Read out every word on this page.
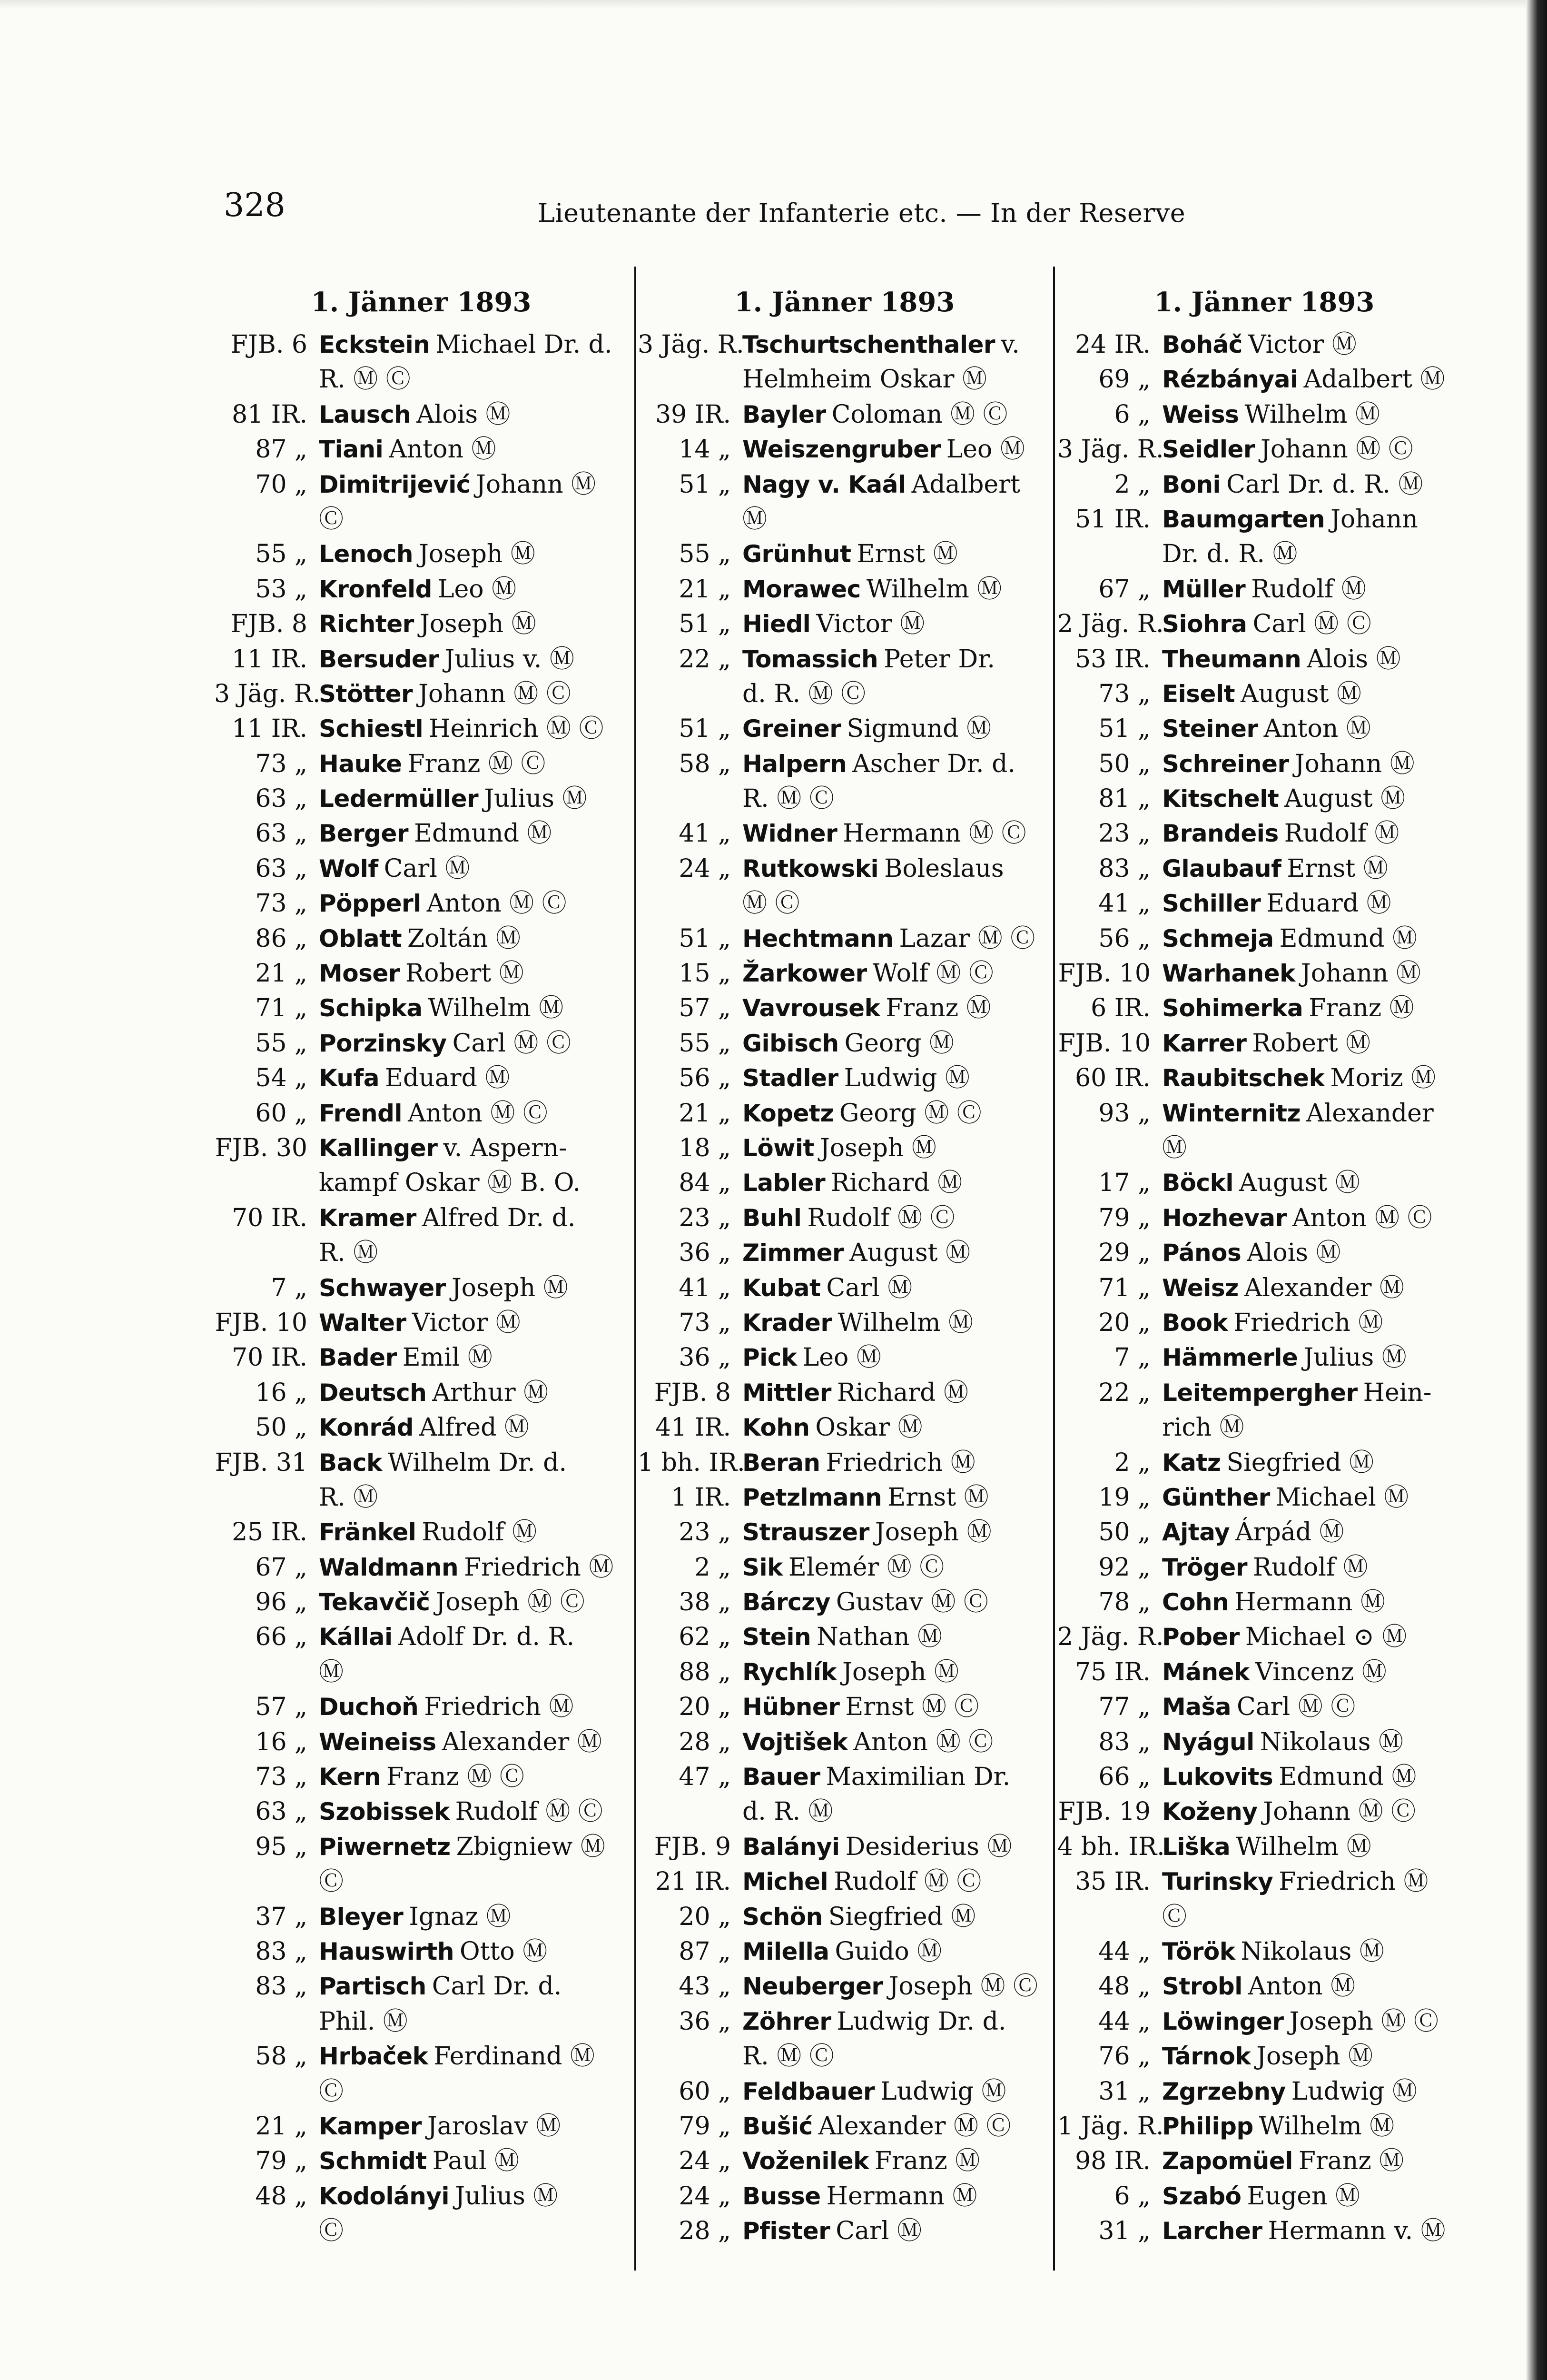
328	Lieutenante der Infanterie etc. — In der Reserve
1. Jänner 1893
FJB. 6 Eckstein Michael Dr. d.
R. Ⓜ Ⓒ
81 IR. Lausch Alois Ⓜ
87 „ Tiani Anton Ⓜ
70 „ Dimitrijević Johann Ⓜ
Ⓒ
55 „ Lenoch Joseph Ⓜ
53 „ Kronfeld Leo Ⓜ
FJB. 8 Richter Joseph Ⓜ
11 IR. Bersuder Julius v. Ⓜ
3 Jäg. R.
Stötter Johann Ⓜ Ⓒ
11 IR. Schiestl Heinrich Ⓜ Ⓒ
73 „ Hauke Franz Ⓜ Ⓒ
63 „ Ledermüller Julius Ⓜ
63 „ Berger Edmund Ⓜ
63 „ Wolf Carl Ⓜ
73 „ Pöpperl Anton Ⓜ Ⓒ
86 „ Oblatt Zoltán Ⓜ
21 „ Moser Robert Ⓜ
71 „ Schipka Wilhelm Ⓜ
55 „ Porzinsky Carl Ⓜ Ⓒ
54 „ Kufa Eduard Ⓜ
60 „ Frendl Anton Ⓜ Ⓒ
FJB. 30 Kallinger v. Aspern-
kampf Oskar Ⓜ B. O.
70 IR. Kramer Alfred Dr. d.
R. Ⓜ
7 „ Schwayer Joseph Ⓜ
FJB. 10 Walter Victor Ⓜ
70 IR. Bader Emil Ⓜ
16 „ Deutsch Arthur Ⓜ
50 „ Konrád Alfred Ⓜ
FJB. 31 Back Wilhelm Dr. d.
R. Ⓜ
25 IR. Fränkel Rudolf Ⓜ
67 „ Waldmann Friedrich Ⓜ
96 „ Tekavčič Joseph Ⓜ Ⓒ
66 „ Kállai Adolf Dr. d. R.
Ⓜ
57 „ Duchoň Friedrich Ⓜ
16 „ Weineiss Alexander Ⓜ
73 „ Kern Franz Ⓜ Ⓒ
63 „ Szobissek Rudolf Ⓜ Ⓒ
95 „ Piwernetz Zbigniew Ⓜ
Ⓒ
37 „ Bleyer Ignaz Ⓜ
83 „ Hauswirth Otto Ⓜ
83 „ Partisch Carl Dr. d.
Phil. Ⓜ
58 „ Hrbaček Ferdinand Ⓜ
Ⓒ
21 „ Kamper Jaroslav Ⓜ
79 „ Schmidt Paul Ⓜ
48 „ Kodolányi Julius Ⓜ
Ⓒ
1. Jänner 1893
3 Jäg. R.
Tschurtschenthaler v.
Helmheim Oskar Ⓜ
39 IR. Bayler Coloman Ⓜ Ⓒ
14 „ Weiszengruber Leo Ⓜ
51 „ Nagy v. Kaál Adalbert
Ⓜ
55 „ Grünhut Ernst Ⓜ
21 „ Morawec Wilhelm Ⓜ
51 „ Hiedl Victor Ⓜ
22 „ Tomassich Peter Dr.
d. R. Ⓜ Ⓒ
51 „ Greiner Sigmund Ⓜ
58 „ Halpern Ascher Dr. d.
R. Ⓜ Ⓒ
41 „ Widner Hermann Ⓜ Ⓒ
24 „ Rutkowski Boleslaus
Ⓜ Ⓒ
51 „ Hechtmann Lazar Ⓜ Ⓒ
15 „ Žarkower Wolf Ⓜ Ⓒ
57 „ Vavrousek Franz Ⓜ
55 „ Gibisch Georg Ⓜ
56 „ Stadler Ludwig Ⓜ
21 „ Kopetz Georg Ⓜ Ⓒ
18 „ Löwit Joseph Ⓜ
84 „ Labler Richard Ⓜ
23 „ Buhl Rudolf Ⓜ Ⓒ
36 „ Zimmer August Ⓜ
41 „ Kubat Carl Ⓜ
73 „ Krader Wilhelm Ⓜ
36 „ Pick Leo Ⓜ
FJB. 8 Mittler Richard Ⓜ
41 IR. Kohn Oskar Ⓜ
1 bh. IR.
Beran Friedrich Ⓜ
1 IR. Petzlmann Ernst Ⓜ
23 „ Strauszer Joseph Ⓜ
2 „ Sik Elemér Ⓜ Ⓒ
38 „ Bárczy Gustav Ⓜ Ⓒ
62 „ Stein Nathan Ⓜ
88 „ Rychlík Joseph Ⓜ
20 „ Hübner Ernst Ⓜ Ⓒ
28 „ Vojtišek Anton Ⓜ Ⓒ
47 „ Bauer Maximilian Dr.
d. R. Ⓜ
FJB. 9 Balányi Desiderius Ⓜ
21 IR. Michel Rudolf Ⓜ Ⓒ
20 „ Schön Siegfried Ⓜ
87 „ Milella Guido Ⓜ
43 „ Neuberger Joseph Ⓜ Ⓒ
36 „ Zöhrer Ludwig Dr. d.
R. Ⓜ Ⓒ
60 „ Feldbauer Ludwig Ⓜ
79 „ Bušić Alexander Ⓜ Ⓒ
24 „ Voženilek Franz Ⓜ
24 „ Busse Hermann Ⓜ
28 „ Pfister Carl Ⓜ
1. Jänner 1893
24 IR. Boháč Victor Ⓜ
69 „ Rézbányai Adalbert Ⓜ
6 „ Weiss Wilhelm Ⓜ
3 Jäg. R.
Seidler Johann Ⓜ Ⓒ
2 „ Boni Carl Dr. d. R. Ⓜ
51 IR. Baumgarten Johann
Dr. d. R. Ⓜ
67 „ Müller Rudolf Ⓜ
2 Jäg. R.
Siohra Carl Ⓜ Ⓒ
53 IR. Theumann Alois Ⓜ
73 „ Eiselt August Ⓜ
51 „ Steiner Anton Ⓜ
50 „ Schreiner Johann Ⓜ
81 „ Kitschelt August Ⓜ
23 „ Brandeis Rudolf Ⓜ
83 „ Glaubauf Ernst Ⓜ
41 „ Schiller Eduard Ⓜ
56 „ Schmeja Edmund Ⓜ
FJB. 10 Warhanek Johann Ⓜ
6 IR. Sohimerka Franz Ⓜ
FJB. 10 Karrer Robert Ⓜ
60 IR. Raubitschek Moriz Ⓜ
93 „ Winternitz Alexander
Ⓜ
17 „ Böckl August Ⓜ
79 „ Hozhevar Anton Ⓜ Ⓒ
29 „ Pános Alois Ⓜ
71 „ Weisz Alexander Ⓜ
20 „ Book Friedrich Ⓜ
7 „ Hämmerle Julius Ⓜ
22 „ Leitempergher Hein-
rich Ⓜ
2 „ Katz Siegfried Ⓜ
19 „ Günther Michael Ⓜ
50 „ Ajtay Árpád Ⓜ
92 „ Tröger Rudolf Ⓜ
78 „ Cohn Hermann Ⓜ
2 Jäg. R.
Pober Michael ⊙ Ⓜ
75 IR. Mánek Vincenz Ⓜ
77 „ Maša Carl Ⓜ Ⓒ
83 „ Nyágul Nikolaus Ⓜ
66 „ Lukovits Edmund Ⓜ
FJB. 19 Koženy Johann Ⓜ Ⓒ
4 bh. IR.
Liška Wilhelm Ⓜ
35 IR. Turinsky Friedrich Ⓜ
Ⓒ
44 „ Török Nikolaus Ⓜ
48 „ Strobl Anton Ⓜ
44 „ Löwinger Joseph Ⓜ Ⓒ
76 „ Tárnok Joseph Ⓜ
31 „ Zgrzebny Ludwig Ⓜ
1 Jäg. R.
Philipp Wilhelm Ⓜ
98 IR. Zapomüel Franz Ⓜ
6 „ Szabó Eugen Ⓜ
31 „ Larcher Hermann v. Ⓜ
